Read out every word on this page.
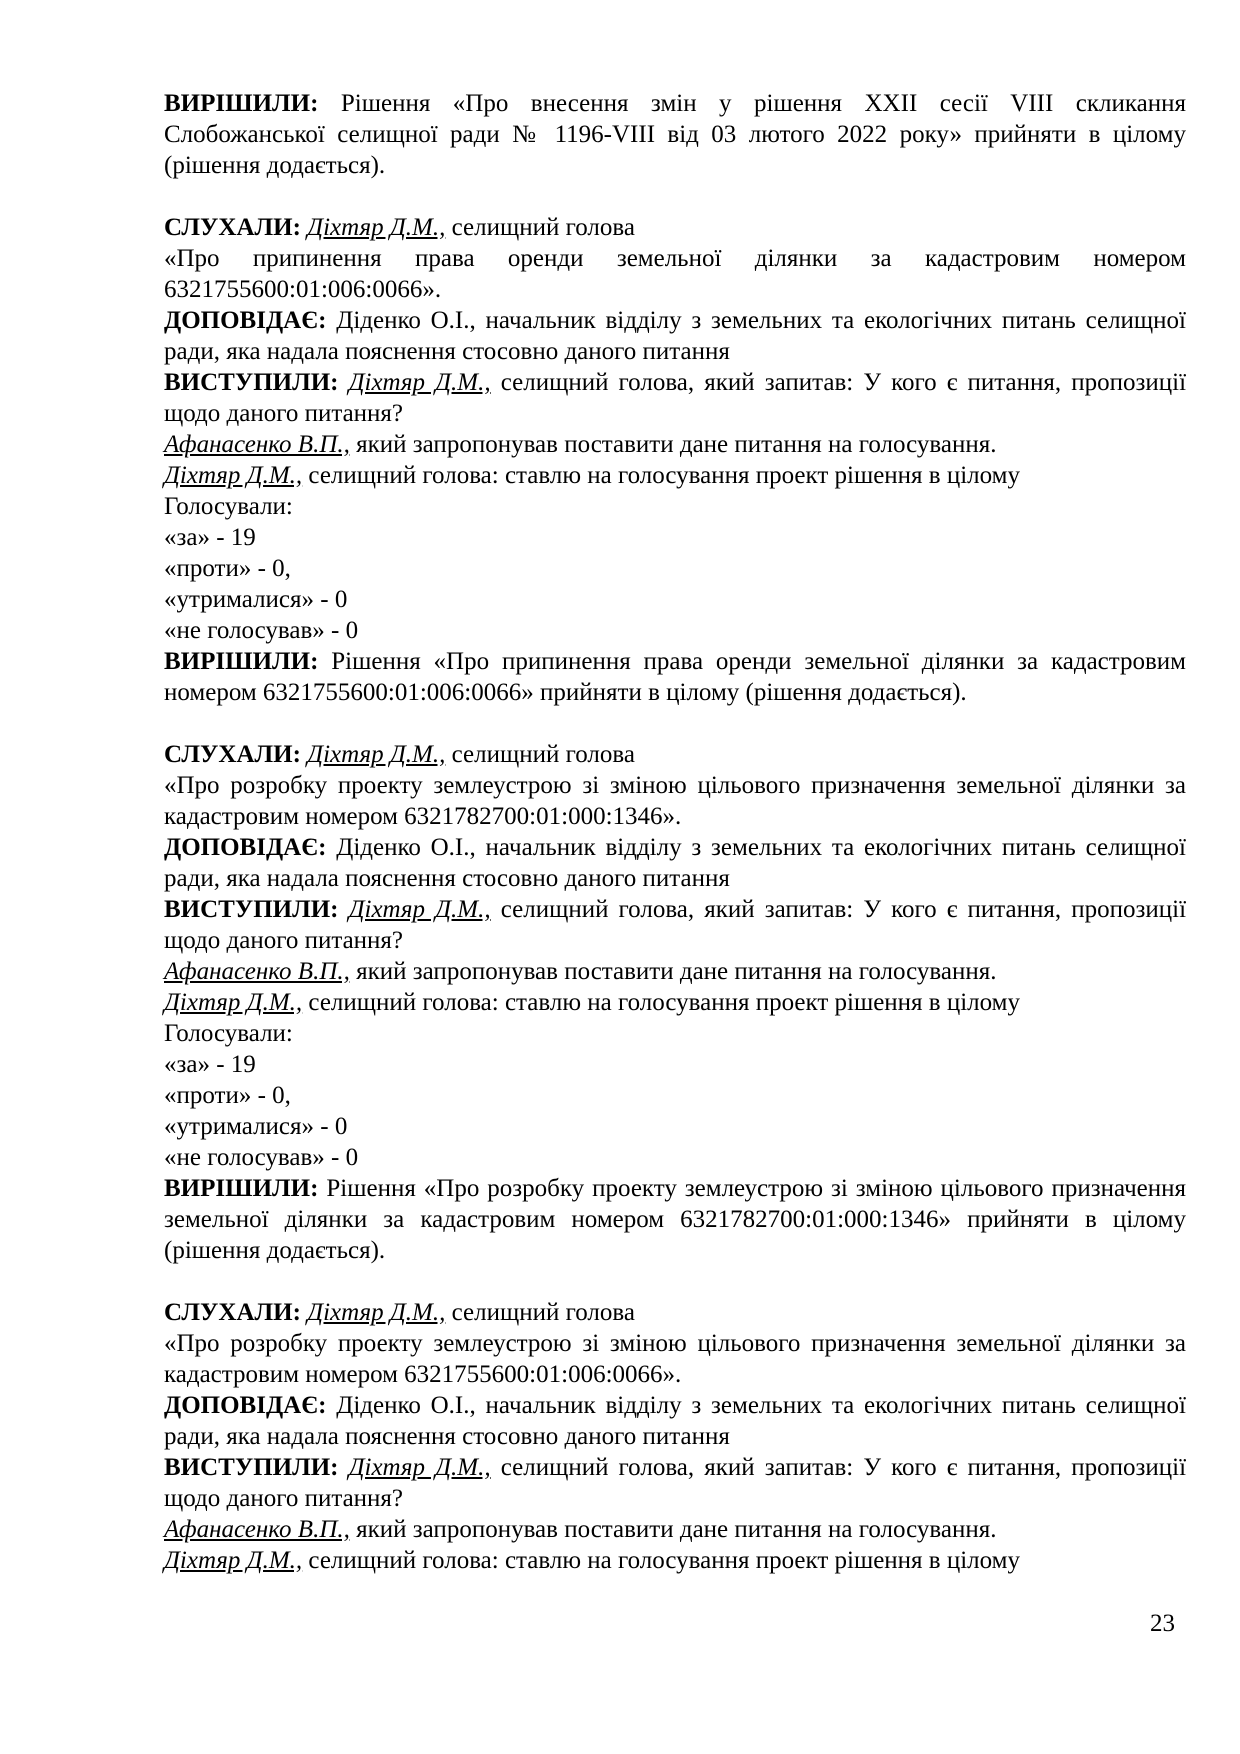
ВИРІШИЛИ: Рішення «Про внесення змін у рішення ХХІІ сесії VIІІ скликання Слобожанської селищної ради № 1196-VIІІ від 03 лютого 2022 року» прийняти в цілому (рішення додається).

СЛУХАЛИ: Діхтяр Д.М., селищний голова

«Про припинення права оренди земельної ділянки за кадастровим номером 6321755600:01:006:0066».

ДОПОВІДАЄ: Діденко О.І., начальник відділу з земельних та екологічних питань селищної ради, яка надала пояснення стосовно даного питання

ВИСТУПИЛИ: Діхтяр Д.М., селищний голова, який запитав: У кого є питання, пропозиції щодо даного питання?

Афанасенко В.П., який запропонував поставити дане питання на голосування.

Діхтяр Д.М., селищний голова: ставлю на голосування проект рішення в цілому

Голосували:

«за» - 19

«проти» - 0,

«утрималися» - 0

«не голосував» - 0

ВИРІШИЛИ: Рішення «Про припинення права оренди земельної ділянки за кадастровим номером 6321755600:01:006:0066» прийняти в цілому (рішення додається).

СЛУХАЛИ: Діхтяр Д.М., селищний голова

«Про розробку проекту землеустрою зі зміною цільового призначення земельної ділянки за кадастровим номером 6321782700:01:000:1346».

ДОПОВІДАЄ: Діденко О.І., начальник відділу з земельних та екологічних питань селищної ради, яка надала пояснення стосовно даного питання

ВИСТУПИЛИ: Діхтяр Д.М., селищний голова, який запитав: У кого є питання, пропозиції щодо даного питання?

Афанасенко В.П., який запропонував поставити дане питання на голосування.

Діхтяр Д.М., селищний голова: ставлю на голосування проект рішення в цілому

Голосували:

«за» - 19

«проти» - 0,

«утрималися» - 0

«не голосував» - 0

ВИРІШИЛИ: Рішення «Про розробку проекту землеустрою зі зміною цільового призначення земельної ділянки за кадастровим номером 6321782700:01:000:1346» прийняти в цілому (рішення додається).

СЛУХАЛИ: Діхтяр Д.М., селищний голова

«Про розробку проекту землеустрою зі зміною цільового призначення земельної ділянки за кадастровим номером 6321755600:01:006:0066».

ДОПОВІДАЄ: Діденко О.І., начальник відділу з земельних та екологічних питань селищної ради, яка надала пояснення стосовно даного питання

ВИСТУПИЛИ: Діхтяр Д.М., селищний голова, який запитав: У кого є питання, пропозиції щодо даного питання?

Афанасенко В.П., який запропонував поставити дане питання на голосування.

Діхтяр Д.М., селищний голова: ставлю на голосування проект рішення в цілому

23
